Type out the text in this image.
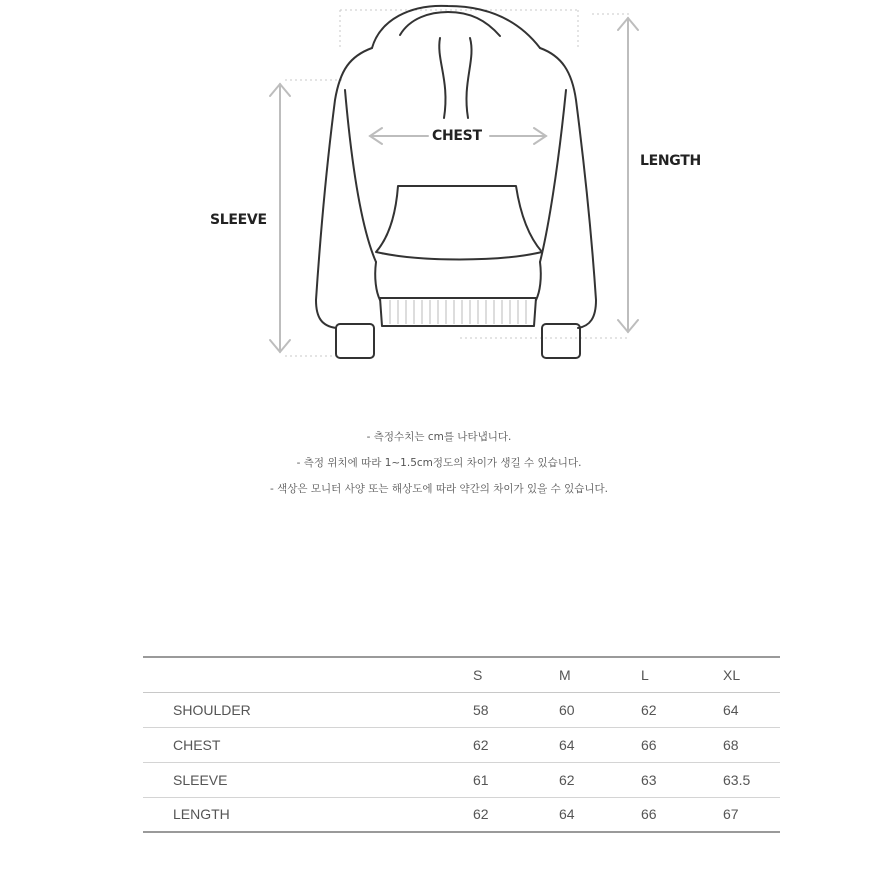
CHEST
LENGTH
SLEEVE
- 측정수치는 cm를 나타냅니다.
- 측정 위치에 따라 1~1.5cm정도의 차이가 생길 수 있습니다.
- 색상은 모니터 사양 또는 해상도에 따라 약간의 차이가 있을 수 있습니다.
	S	M	L	XL
SHOULDER	58	60	62	64
CHEST	62	64	66	68
SLEEVE	61	62	63	63.5
LENGTH	62	64	66	67
